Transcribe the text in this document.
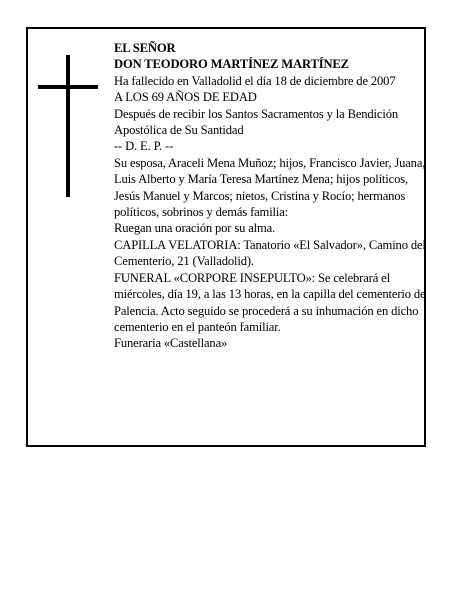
EL SEÑOR

DON TEODORO MARTÍNEZ MARTÍNEZ

Ha fallecido en Valladolid el día 18 de diciembre de 2007

A LOS 69 AÑOS DE EDAD

Después de recibir los Santos Sacramentos y la Bendición Apostólica de Su Santidad

-- D. E. P. --

Su esposa, Araceli Mena Muñoz; hijos, Francisco Javier, Juana, Luis Alberto y María Teresa Martínez Mena; hijos políticos, Jesús Manuel y Marcos; nietos, Cristina y Rocío; hermanos políticos, sobrinos y demás familia:

Ruegan una oración por su alma.

CAPILLA VELATORIA: Tanatorio «El Salvador», Camino del Cementerio, 21 (Valladolid).

FUNERAL «CORPORE INSEPULTO»: Se celebrará el miércoles, día 19, a las 13 horas, en la capilla del cementerio de Palencia. Acto seguido se procederá a su inhumación en dicho cementerio en el panteón familiar.

Funeraria «Castellana»
